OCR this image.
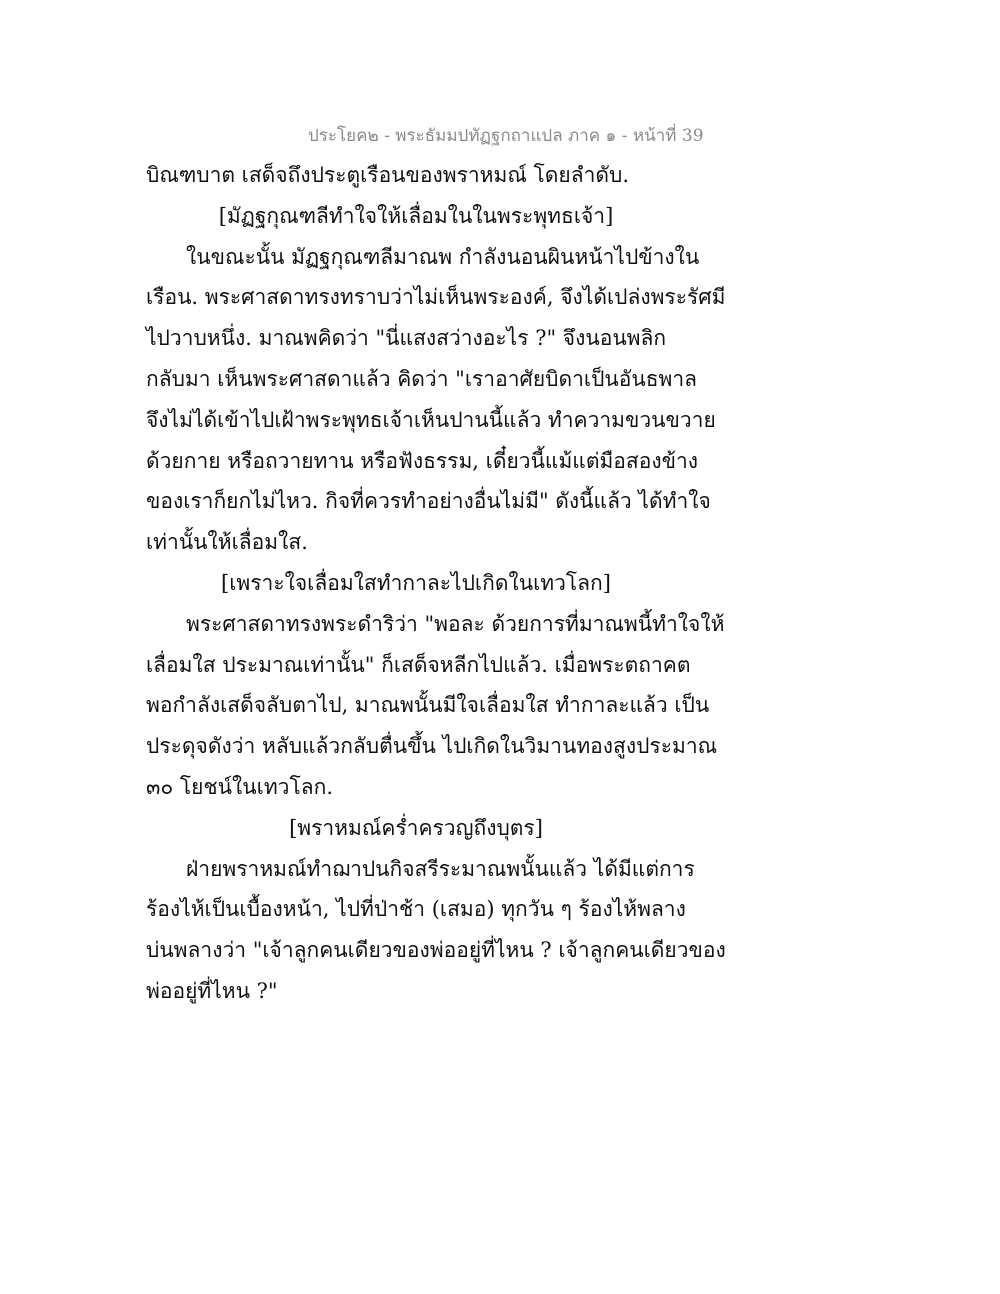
ประโยค๒ - พระธัมมปทัฏฐกถาแปล ภาค ๑ - หน้าที่ 39
บิณฑบาต เสด็จถึงประตูเรือนของพราหมณ์ โดยลำดับ.
[มัฏฐกุณฑลีทำใจให้เลื่อมในในพระพุทธเจ้า]
ในขณะนั้น มัฏฐกุณฑลีมาณพ กำลังนอนผินหน้าไปข้างใน
เรือน. พระศาสดาทรงทราบว่าไม่เห็นพระองค์, จึงได้เปล่งพระรัศมี
ไปวาบหนึ่ง. มาณพคิดว่า "นี่แสงสว่างอะไร ?" จึงนอนพลิก
กลับมา เห็นพระศาสดาแล้ว คิดว่า "เราอาศัยบิดาเป็นอันธพาล
จึงไม่ได้เข้าไปเฝ้าพระพุทธเจ้าเห็นปานนี้แล้ว ทำความขวนขวาย
ด้วยกาย หรือถวายทาน หรือฟังธรรม, เดี๋ยวนี้แม้แต่มือสองข้าง
ของเราก็ยกไม่ไหว. กิจที่ควรทำอย่างอื่นไม่มี" ดังนี้แล้ว ได้ทำใจ
เท่านั้นให้เลื่อมใส.
[เพราะใจเลื่อมใสทำกาละไปเกิดในเทวโลก]
พระศาสดาทรงพระดำริว่า "พอละ ด้วยการที่มาณพนี้ทำใจให้
เลื่อมใส ประมาณเท่านั้น" ก็เสด็จหลีกไปแล้ว. เมื่อพระตถาคต
พอกำลังเสด็จลับตาไป, มาณพนั้นมีใจเลื่อมใส ทำกาละแล้ว เป็น
ประดุจดังว่า หลับแล้วกลับตื่นขึ้น ไปเกิดในวิมานทองสูงประมาณ
๓๐ โยชน์ในเทวโลก.
[พราหมณ์คร่ำครวญถึงบุตร]
ฝ่ายพราหมณ์ทำฌาปนกิจสรีระมาณพนั้นแล้ว ได้มีแต่การ
ร้องไห้เป็นเบื้องหน้า, ไปที่ป่าช้า (เสมอ) ทุกวัน ๆ ร้องไห้พลาง
บ่นพลางว่า "เจ้าลูกคนเดียวของพ่ออยู่ที่ไหน ? เจ้าลูกคนเดียวของ
พ่ออยู่ที่ไหน ?"
